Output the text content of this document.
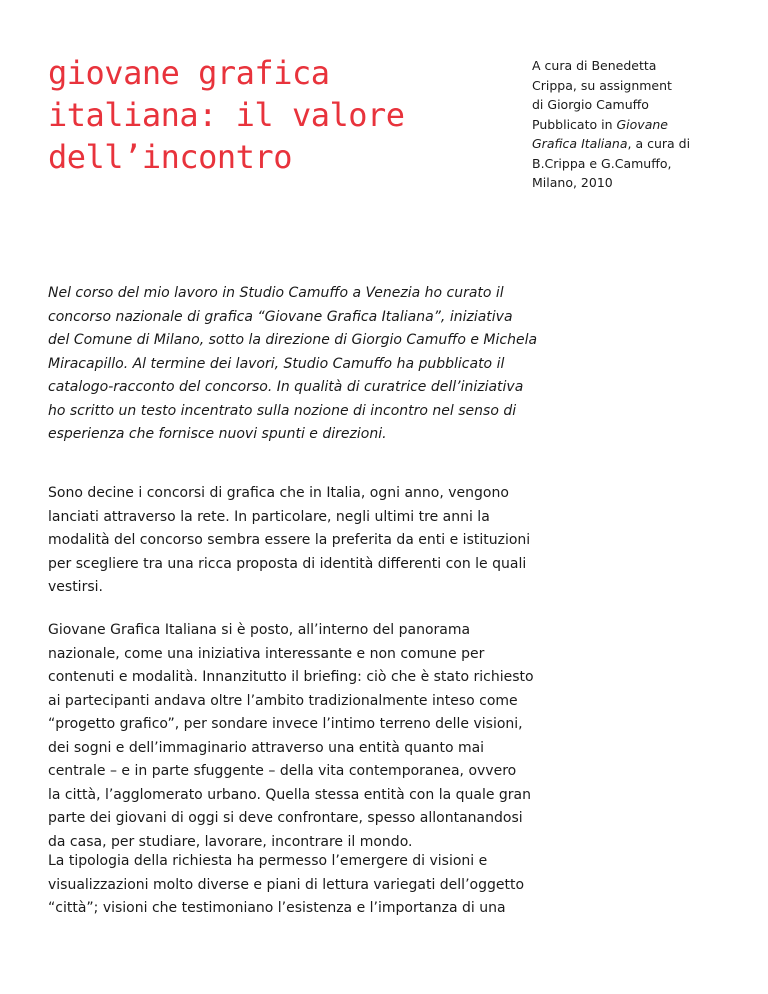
giovane grafica
italiana: il valore
dell’incontro
A cura di Benedetta
Crippa, su assignment
di Giorgio Camuffo
Pubblicato in Giovane
Grafica Italiana, a cura di
B.Crippa e G.Camuffo,
Milano, 2010

Nel corso del mio lavoro in Studio Camuffo a Venezia ho curato il
concorso nazionale di grafica “Giovane Grafica Italiana”, iniziativa
del Comune di Milano, sotto la direzione di Giorgio Camuffo e Michela
Miracapillo. Al termine dei lavori, Studio Camuffo ha pubblicato il
catalogo-racconto del concorso. In qualità di curatrice dell’iniziativa
ho scritto un testo incentrato sulla nozione di incontro nel senso di
esperienza che fornisce nuovi spunti e direzioni.

Sono decine i concorsi di grafica che in Italia, ogni anno, vengono
lanciati attraverso la rete. In particolare, negli ultimi tre anni la
modalità del concorso sembra essere la preferita da enti e istituzioni
per scegliere tra una ricca proposta di identità differenti con le quali
vestirsi.

Giovane Grafica Italiana si è posto, all’interno del panorama
nazionale, come una iniziativa interessante e non comune per
contenuti e modalità. Innanzitutto il briefing: ciò che è stato richiesto
ai partecipanti andava oltre l’ambito tradizionalmente inteso come
“progetto grafico”, per sondare invece l’intimo terreno delle visioni,
dei sogni e dell’immaginario attraverso una entità quanto mai
centrale – e in parte sfuggente – della vita contemporanea, ovvero
la città, l’agglomerato urbano. Quella stessa entità con la quale gran
parte dei giovani di oggi si deve confrontare, spesso allontanandosi
da casa, per studiare, lavorare, incontrare il mondo.

La tipologia della richiesta ha permesso l’emergere di visioni e
visualizzazioni molto diverse e piani di lettura variegati dell’oggetto
“città”; visioni che testimoniano l’esistenza e l’importanza di una
